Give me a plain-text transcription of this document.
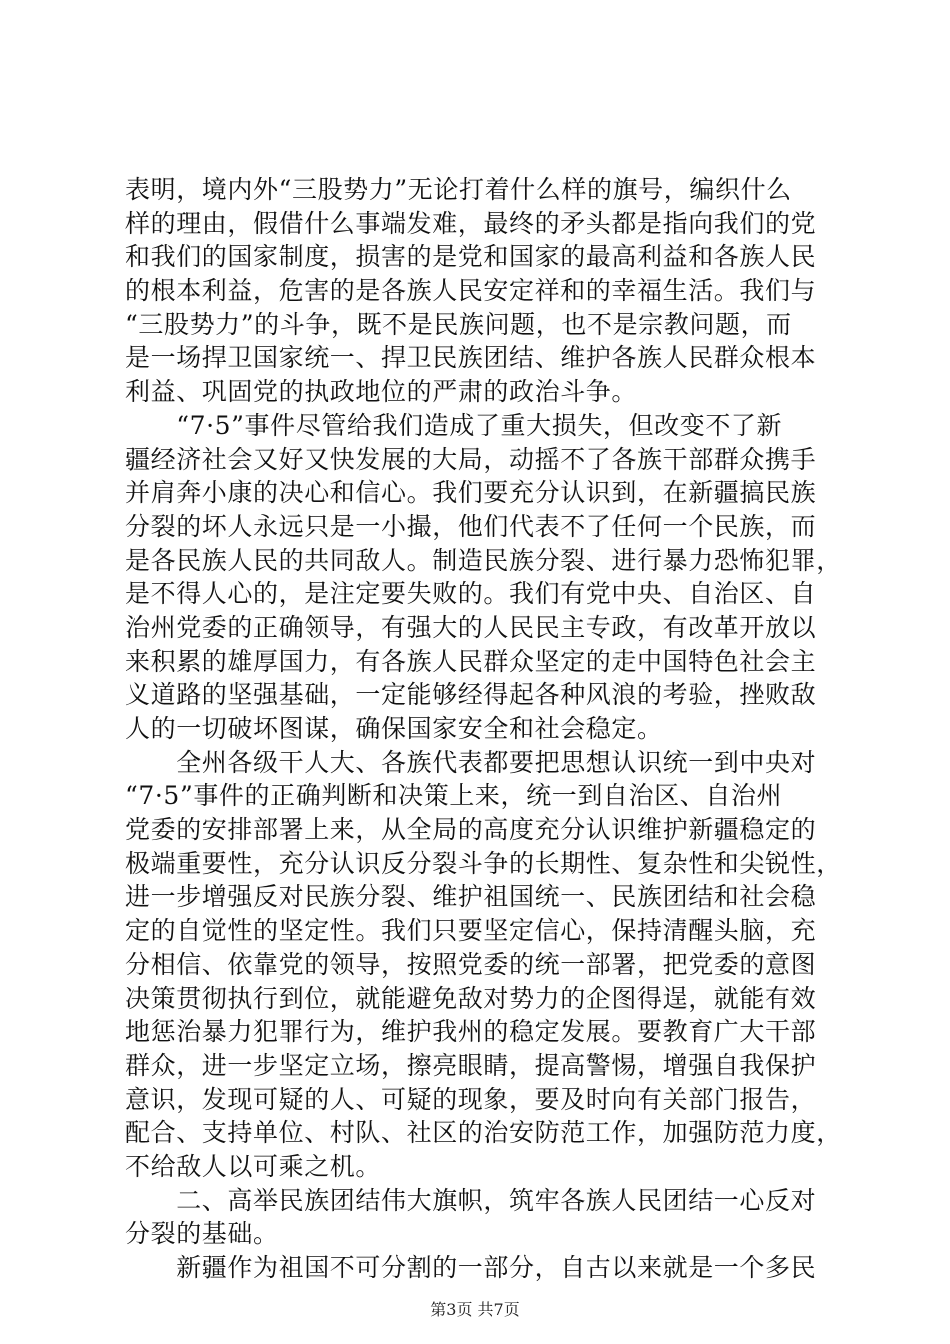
表明，境内外“三股势力”无论打着什么样的旗号，编织什么
样的理由，假借什么事端发难，最终的矛头都是指向我们的党
和我们的国家制度，损害的是党和国家的最高利益和各族人民
的根本利益，危害的是各族人民安定祥和的幸福生活。我们与
“三股势力”的斗争，既不是民族问题，也不是宗教问题，而
是一场捍卫国家统一、捍卫民族团结、维护各族人民群众根本
利益、巩固党的执政地位的严肃的政治斗争。
　　“7·5”事件尽管给我们造成了重大损失，但改变不了新
疆经济社会又好又快发展的大局，动摇不了各族干部群众携手
并肩奔小康的决心和信心。我们要充分认识到，在新疆搞民族
分裂的坏人永远只是一小撮，他们代表不了任何一个民族，而
是各民族人民的共同敌人。制造民族分裂、进行暴力恐怖犯罪，
是不得人心的，是注定要失败的。我们有党中央、自治区、自
治州党委的正确领导，有强大的人民民主专政，有改革开放以
来积累的雄厚国力，有各族人民群众坚定的走中国特色社会主
义道路的坚强基础，一定能够经得起各种风浪的考验，挫败敌
人的一切破坏图谋，确保国家安全和社会稳定。
　　全州各级干人大、各族代表都要把思想认识统一到中央对
“7·5”事件的正确判断和决策上来，统一到自治区、自治州
党委的安排部署上来，从全局的高度充分认识维护新疆稳定的
极端重要性，充分认识反分裂斗争的长期性、复杂性和尖锐性，
进一步增强反对民族分裂、维护祖国统一、民族团结和社会稳
定的自觉性的坚定性。我们只要坚定信心，保持清醒头脑，充
分相信、依靠党的领导，按照党委的统一部署，把党委的意图
决策贯彻执行到位，就能避免敌对势力的企图得逞，就能有效
地惩治暴力犯罪行为，维护我州的稳定发展。要教育广大干部
群众，进一步坚定立场，擦亮眼睛，提高警惕，增强自我保护
意识，发现可疑的人、可疑的现象，要及时向有关部门报告，
配合、支持单位、村队、社区的治安防范工作，加强防范力度，
不给敌人以可乘之机。
　　二、高举民族团结伟大旗帜，筑牢各族人民团结一心反对
分裂的基础。
　　新疆作为祖国不可分割的一部分，自古以来就是一个多民
第3页 共7页
